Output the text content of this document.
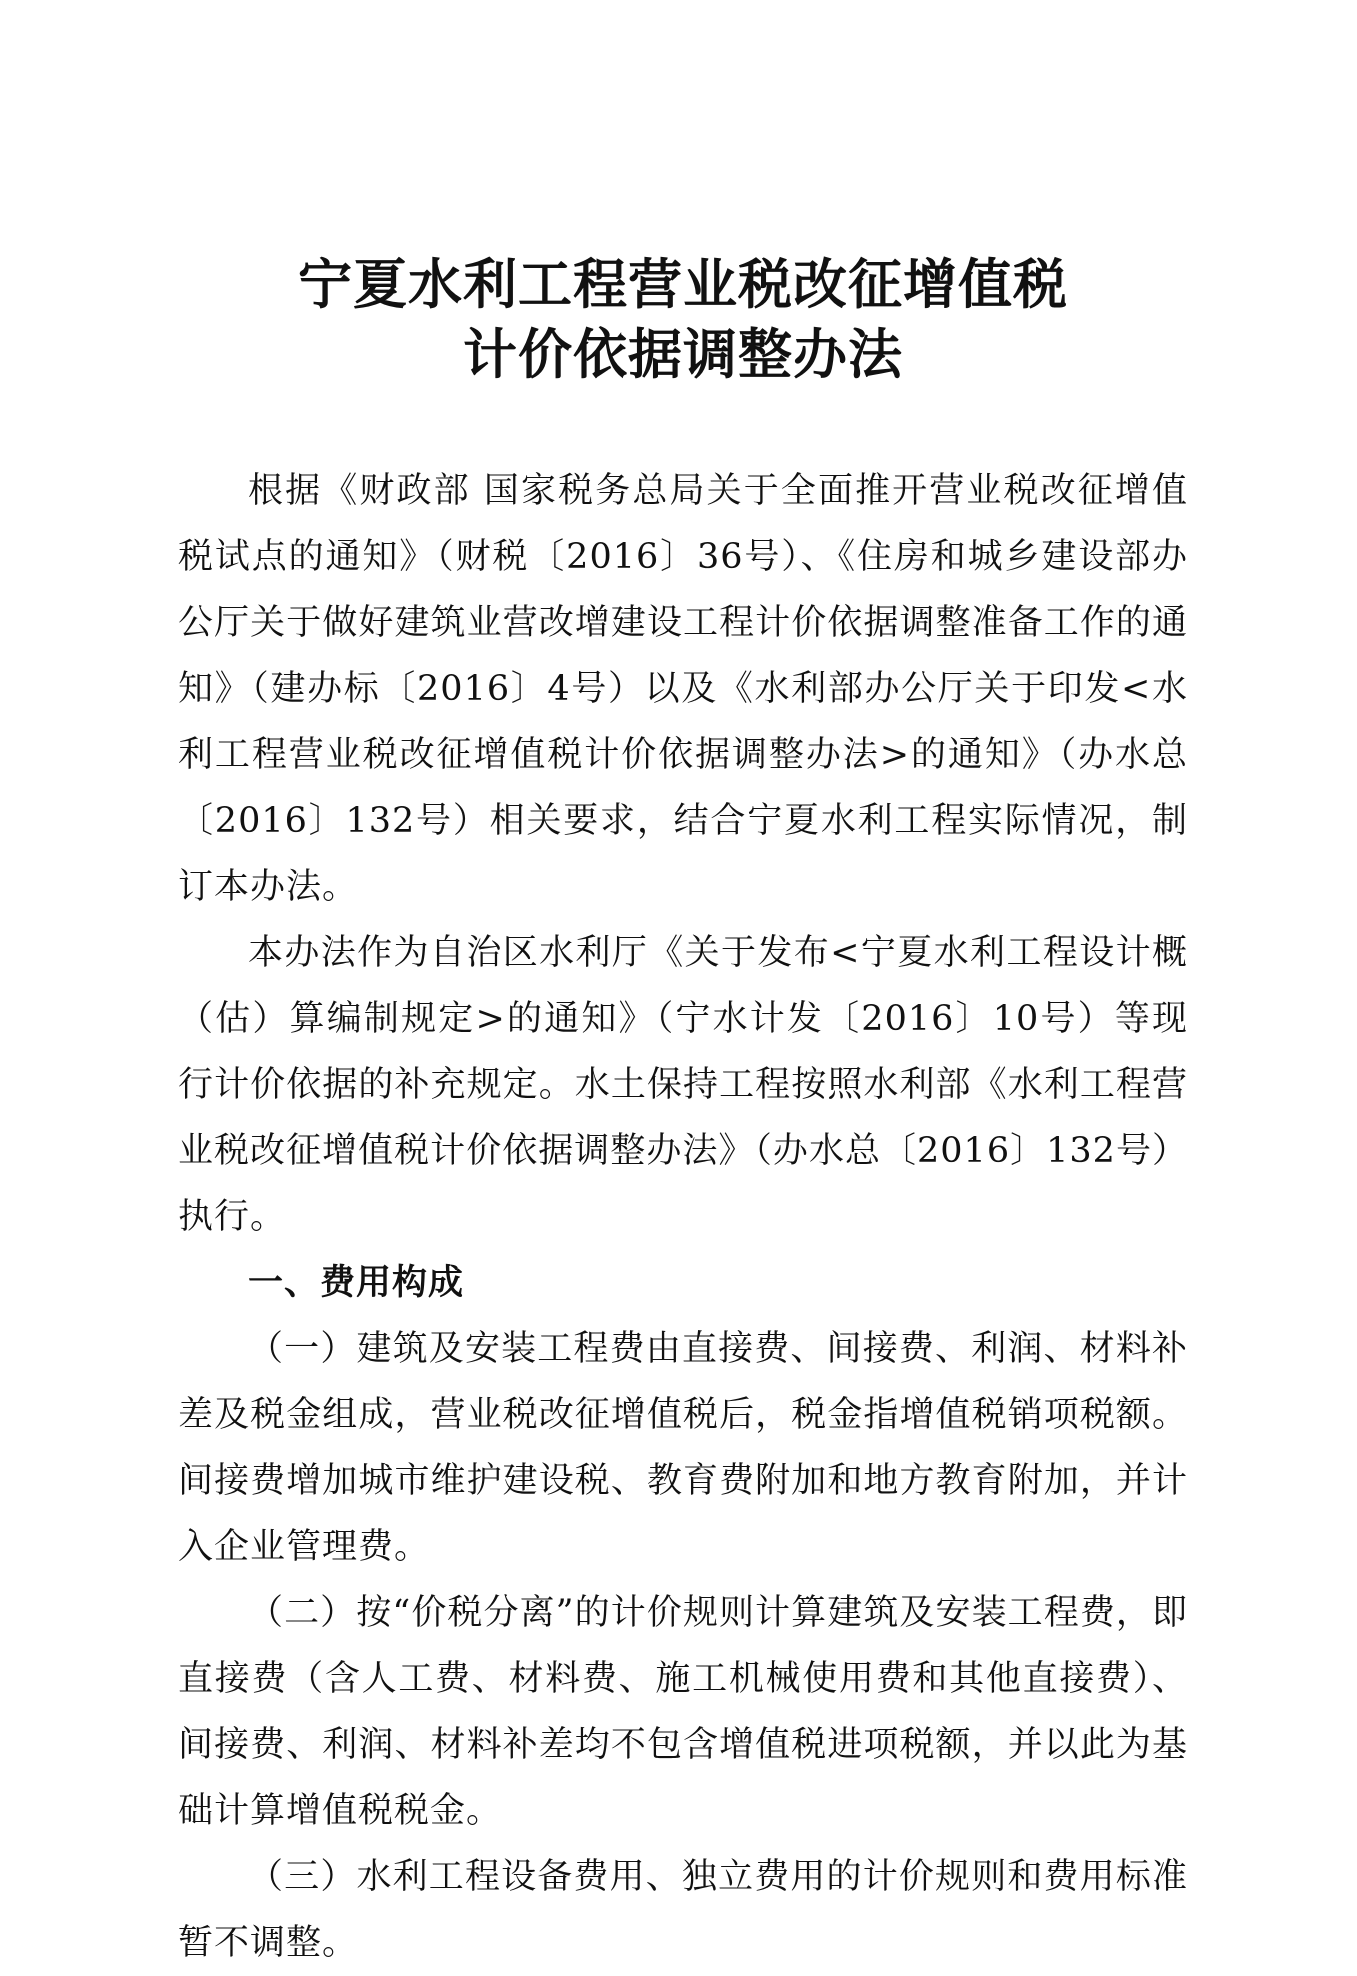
宁夏水利工程营业税改征增值税
计价依据调整办法

根据《财政部 国家税务总局关于全面推开营业税改征增值税试点的通知》（财税〔2016〕36号）、《住房和城乡建设部办公厅关于做好建筑业营改增建设工程计价依据调整准备工作的通知》（建办标〔2016〕4号）以及《水利部办公厅关于印发<水利工程营业税改征增值税计价依据调整办法>的通知》（办水总〔2016〕132号）相关要求，结合宁夏水利工程实际情况，制订本办法。

本办法作为自治区水利厅《关于发布<宁夏水利工程设计概（估）算编制规定>的通知》（宁水计发〔2016〕10号）等现行计价依据的补充规定。水土保持工程按照水利部《水利工程营业税改征增值税计价依据调整办法》（办水总〔2016〕132号）执行。

一、费用构成

（一）建筑及安装工程费由直接费、间接费、利润、材料补差及税金组成，营业税改征增值税后，税金指增值税销项税额。间接费增加城市维护建设税、教育费附加和地方教育附加，并计入企业管理费。

（二）按“价税分离”的计价规则计算建筑及安装工程费，即直接费（含人工费、材料费、施工机械使用费和其他直接费）、间接费、利润、材料补差均不包含增值税进项税额，并以此为基础计算增值税税金。

（三）水利工程设备费用、独立费用的计价规则和费用标准暂不调整。
